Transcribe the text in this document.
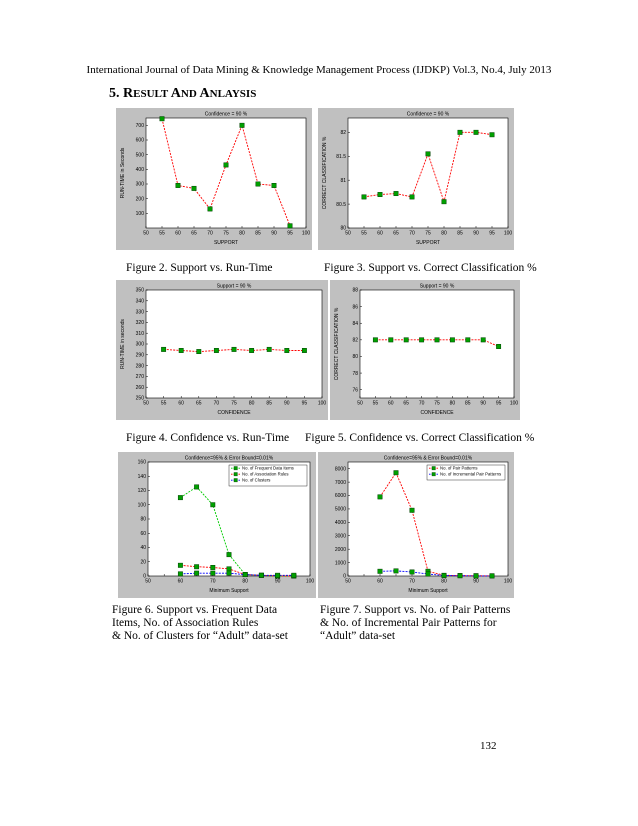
International Journal of Data Mining & Knowledge Management Process (IJDKP) Vol.3, No.4, July 2013
5. RESULT AND ANLAYSIS
Confidence = 90 %
50 55 60 65 70 75 80 85 90 95 100
100
200
300
400
500
600
700
SUPPORT
RUN-TIME in Seconds
Figure 2. Support vs. Run-Time
Confidence = 90 %
50 55 60 65 70 75 80 85 90 95 100
80
80.5
81
81.5
82
SUPPORT
CORRECT CLASSIFICATION %
Figure 3. Support vs. Correct Classification %
Support = 90 %
50 55 60 65 70 75 80 85 90 95 100
250
260
270
280
290
300
310
320
330
340
350
CONFIDENCE
RUN-TIME in seconds
Figure 4. Confidence vs. Run-Time
Support = 90 %
50 55 60 65 70 75 80 85 90 95 100
76
78
80
82
84
86
88
CONFIDENCE
CORRECT CLASSIFICATION %
Figure 5. Confidence vs. Correct Classification %
Confidence=95% & Error Bound=0.01%
50	60	70	80	90	100
0
20
40
60
80
100
120
140
160
Minimum Support
No. of Frequent Data Items
No. of Association Rules
No. of Clusters
Figure 6. Support vs. Frequent Data
Items, No. of Association Rules
& No. of Clusters for “Adult” data-set
Confidence=95% & Error Bound=0.01%
50	60	70	80	90	100
0
1000
2000
3000
4000
5000
6000
7000
8000
Minimum Support
No. of Pair Patterns
No. of Incremental Pair Patterns
Figure 7. Support vs. No. of Pair Patterns
& No. of Incremental Pair Patterns for
“Adult” data-set
132
